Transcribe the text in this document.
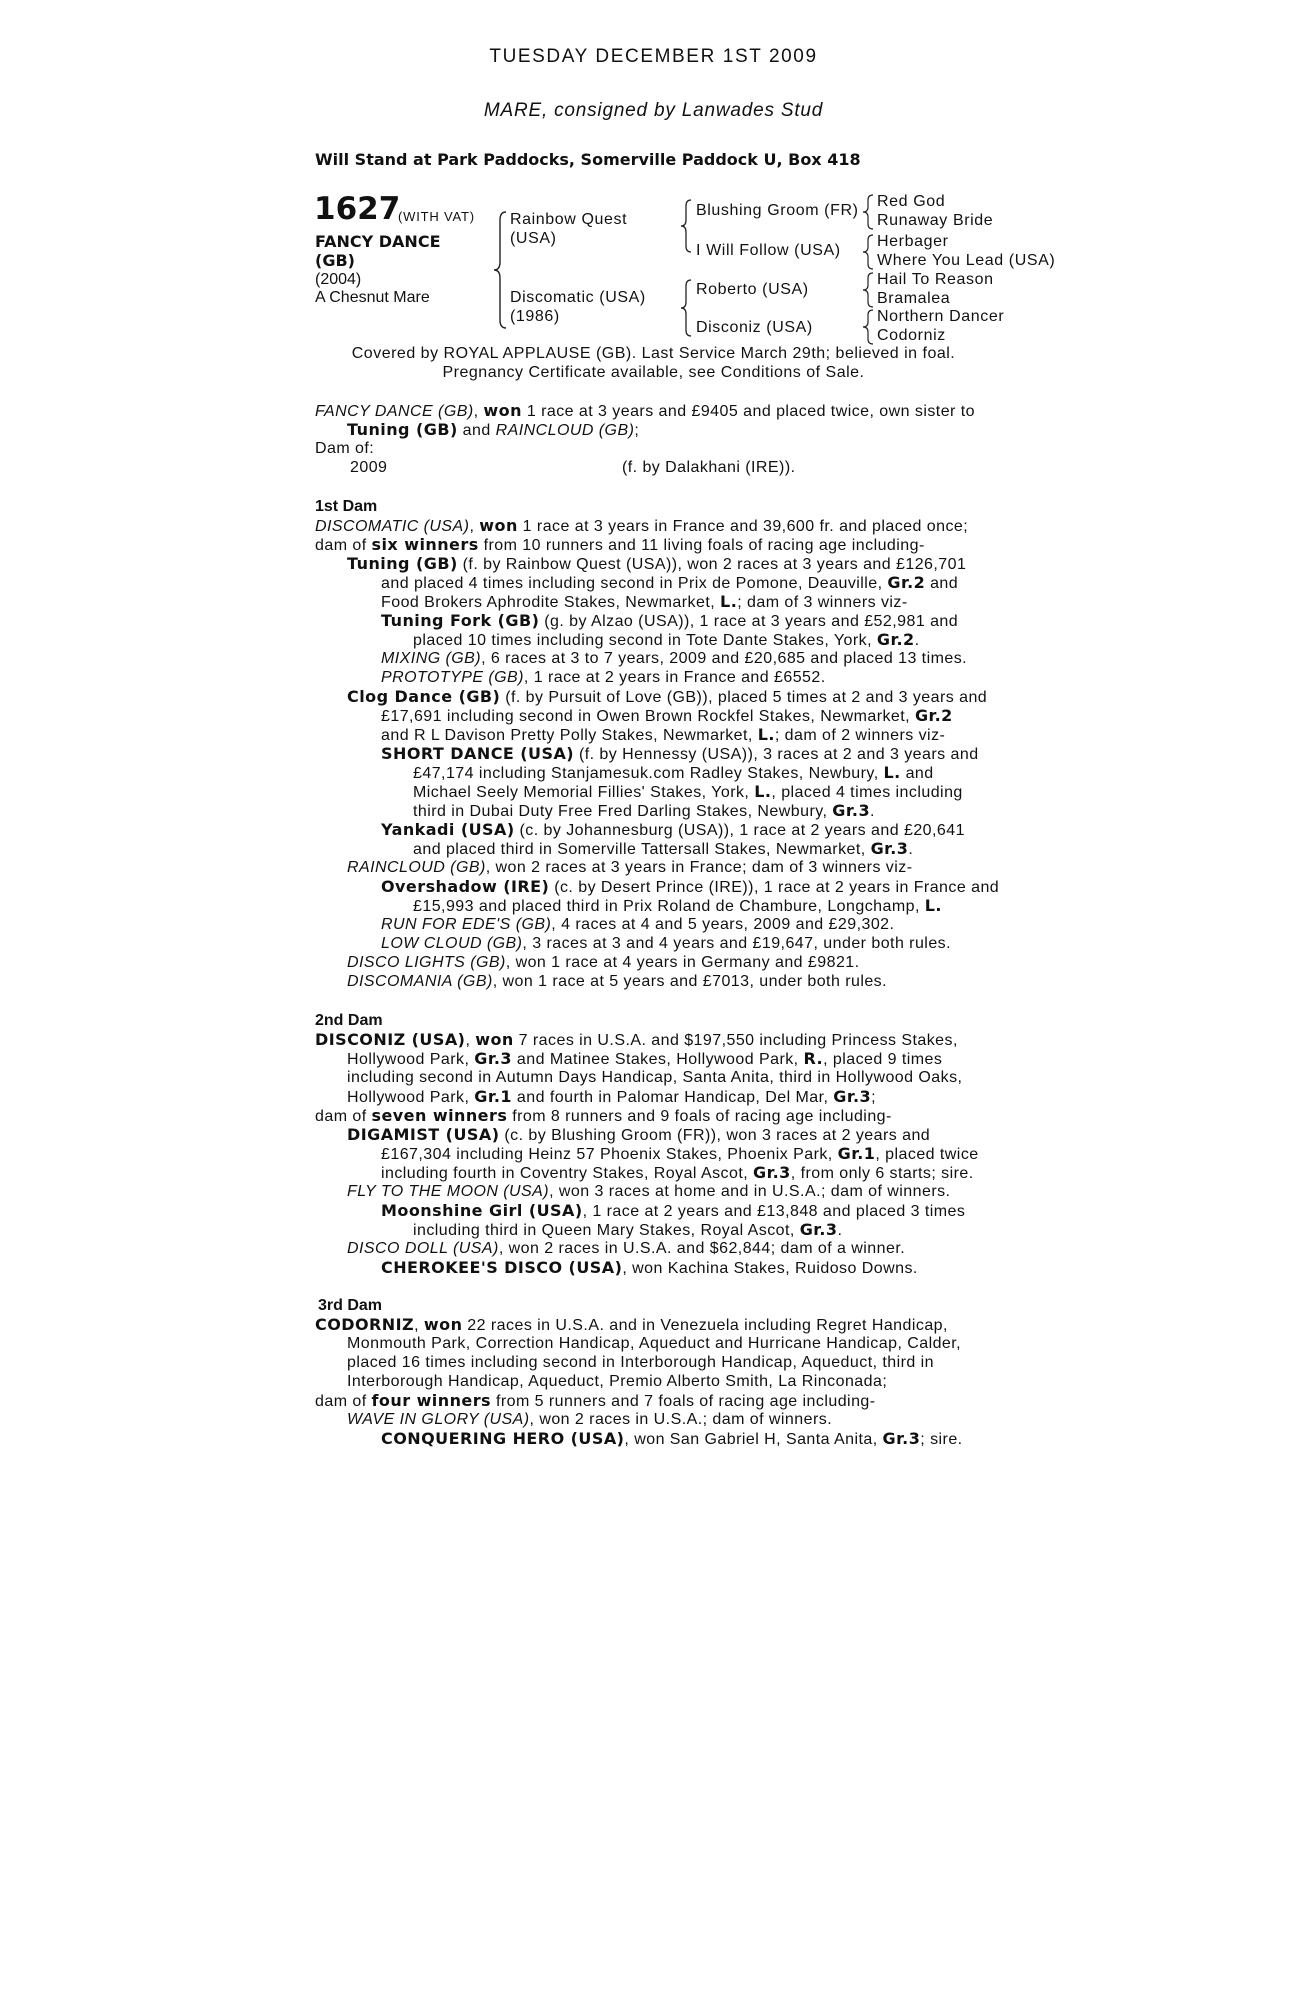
TUESDAY DECEMBER 1ST 2009
MARE, consigned by Lanwades Stud
Will Stand at Park Paddocks, Somerville Paddock U, Box 418
1627
(WITH VAT)
FANCY DANCE
(GB)
(2004)
A Chesnut Mare
Rainbow Quest
(USA)
Discomatic (USA)
(1986)
Blushing Groom (FR)
I Will Follow (USA)
Roberto (USA)
Disconiz (USA)
Red God
Runaway Bride
Herbager
Where You Lead (USA)
Hail To Reason
Bramalea
Northern Dancer
Codorniz
Covered by ROYAL APPLAUSE (GB). Last Service March 29th; believed in foal.
Pregnancy Certificate available, see Conditions of Sale.
FANCY DANCE (GB), won 1 race at 3 years and £9405 and placed twice, own sister to
Tuning (GB) and RAINCLOUD (GB);
Dam of:
2009	(f. by Dalakhani (IRE)).
1st Dam
DISCOMATIC (USA), won 1 race at 3 years in France and 39,600 fr. and placed once;
dam of six winners from 10 runners and 11 living foals of racing age including-
Tuning (GB) (f. by Rainbow Quest (USA)), won 2 races at 3 years and £126,701
and placed 4 times including second in Prix de Pomone, Deauville, Gr.2 and
Food Brokers Aphrodite Stakes, Newmarket, L.; dam of 3 winners viz-
Tuning Fork (GB) (g. by Alzao (USA)), 1 race at 3 years and £52,981 and
placed 10 times including second in Tote Dante Stakes, York, Gr.2.
MIXING (GB), 6 races at 3 to 7 years, 2009 and £20,685 and placed 13 times.
PROTOTYPE (GB), 1 race at 2 years in France and £6552.
Clog Dance (GB) (f. by Pursuit of Love (GB)), placed 5 times at 2 and 3 years and
£17,691 including second in Owen Brown Rockfel Stakes, Newmarket, Gr.2
and R L Davison Pretty Polly Stakes, Newmarket, L.; dam of 2 winners viz-
SHORT DANCE (USA) (f. by Hennessy (USA)), 3 races at 2 and 3 years and
£47,174 including Stanjamesuk.com Radley Stakes, Newbury, L. and
Michael Seely Memorial Fillies' Stakes, York, L., placed 4 times including
third in Dubai Duty Free Fred Darling Stakes, Newbury, Gr.3.
Yankadi (USA) (c. by Johannesburg (USA)), 1 race at 2 years and £20,641
and placed third in Somerville Tattersall Stakes, Newmarket, Gr.3.
RAINCLOUD (GB), won 2 races at 3 years in France; dam of 3 winners viz-
Overshadow (IRE) (c. by Desert Prince (IRE)), 1 race at 2 years in France and
£15,993 and placed third in Prix Roland de Chambure, Longchamp, L.
RUN FOR EDE'S (GB), 4 races at 4 and 5 years, 2009 and £29,302.
LOW CLOUD (GB), 3 races at 3 and 4 years and £19,647, under both rules.
DISCO LIGHTS (GB), won 1 race at 4 years in Germany and £9821.
DISCOMANIA (GB), won 1 race at 5 years and £7013, under both rules.
2nd Dam
DISCONIZ (USA), won 7 races in U.S.A. and $197,550 including Princess Stakes,
Hollywood Park, Gr.3 and Matinee Stakes, Hollywood Park, R., placed 9 times
including second in Autumn Days Handicap, Santa Anita, third in Hollywood Oaks,
Hollywood Park, Gr.1 and fourth in Palomar Handicap, Del Mar, Gr.3;
dam of seven winners from 8 runners and 9 foals of racing age including-
DIGAMIST (USA) (c. by Blushing Groom (FR)), won 3 races at 2 years and
£167,304 including Heinz 57 Phoenix Stakes, Phoenix Park, Gr.1, placed twice
including fourth in Coventry Stakes, Royal Ascot, Gr.3, from only 6 starts; sire.
FLY TO THE MOON (USA), won 3 races at home and in U.S.A.; dam of winners.
Moonshine Girl (USA), 1 race at 2 years and £13,848 and placed 3 times
including third in Queen Mary Stakes, Royal Ascot, Gr.3.
DISCO DOLL (USA), won 2 races in U.S.A. and $62,844; dam of a winner.
CHEROKEE'S DISCO (USA), won Kachina Stakes, Ruidoso Downs.
3rd Dam
CODORNIZ, won 22 races in U.S.A. and in Venezuela including Regret Handicap,
Monmouth Park, Correction Handicap, Aqueduct and Hurricane Handicap, Calder,
placed 16 times including second in Interborough Handicap, Aqueduct, third in
Interborough Handicap, Aqueduct, Premio Alberto Smith, La Rinconada;
dam of four winners from 5 runners and 7 foals of racing age including-
WAVE IN GLORY (USA), won 2 races in U.S.A.; dam of winners.
CONQUERING HERO (USA), won San Gabriel H, Santa Anita, Gr.3; sire.
